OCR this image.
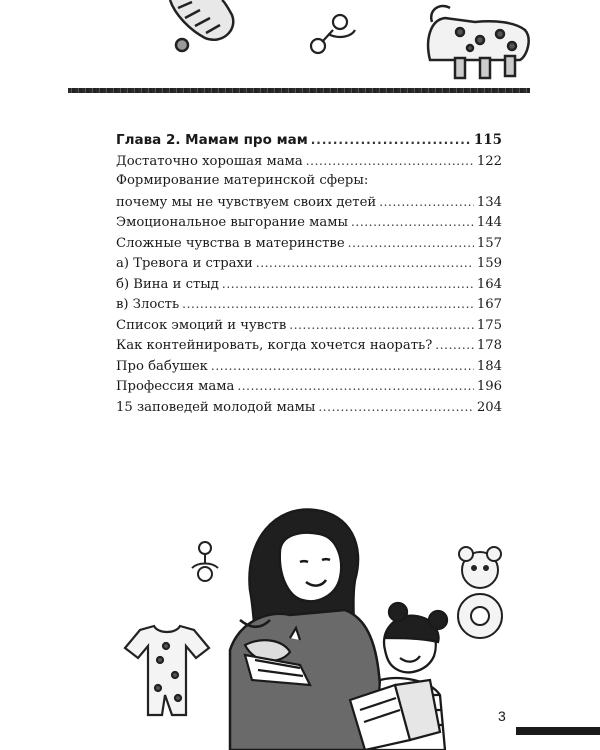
Глава 2. Мамам про мам . . .	115
Достаточно хорошая мама . . .	122
Формирование материнской сферы:
почему мы не чувствуем своих детей . . .	134
Эмоциональное выгорание мамы . . .	144
Сложные чувства в материнстве . . .	157
а) Тревога и страхи . . .	159
б) Вина и стыд . . .	164
в) Злость . . .	167
Список эмоций и чувств . . .	175
Как контейнировать, когда хочется наорать? . . .	178
Про бабушек . . .	184
Профессия мама . . .	196
15 заповедей молодой мамы . . .	204
3
